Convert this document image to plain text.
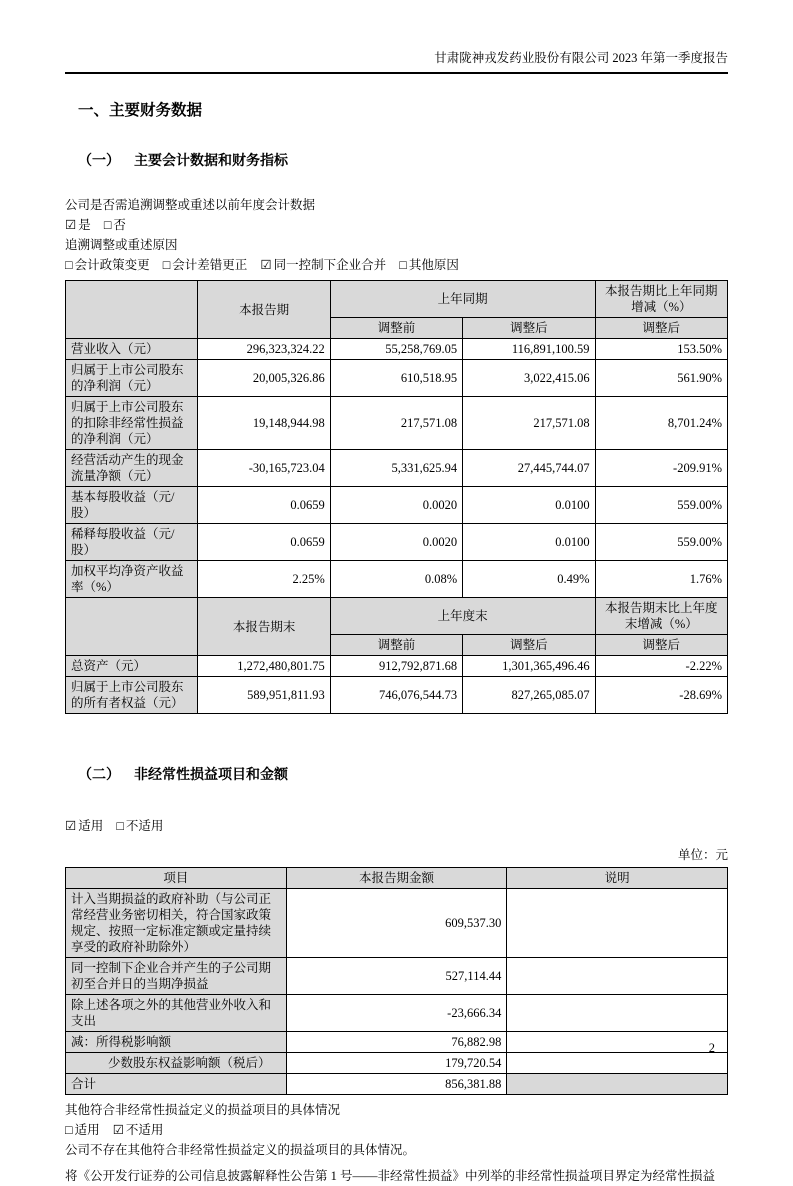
甘肃陇神戎发药业股份有限公司 2023 年第一季度报告
一、主要财务数据
（一） 主要会计数据和财务指标

公司是否需追溯调整或重述以前年度会计数据

☑ 是 □ 否

追溯调整或重述原因

□ 会计政策变更 □ 会计差错更正 ☑ 同一控制下企业合并 □ 其他原因

	本报告期	上年同期		本报告期比上年同期增减（%）
		调整前	调整后	调整后
营业收入（元）	296,323,324.22	55,258,769.05	116,891,100.59	153.50%
归属于上市公司股东的净利润（元）	20,005,326.86	610,518.95	3,022,415.06	561.90%
归属于上市公司股东的扣除非经常性损益的净利润（元）	19,148,944.98	217,571.08	217,571.08	8,701.24%
经营活动产生的现金流量净额（元）	-30,165,723.04	5,331,625.94	27,445,744.07	-209.91%
基本每股收益（元/股）	0.0659	0.0020	0.0100	559.00%
稀释每股收益（元/股）	0.0659	0.0020	0.0100	559.00%
加权平均净资产收益率（%）	2.25%	0.08%	0.49%	1.76%
	本报告期末	上年度末		本报告期末比上年度末增减（%）
		调整前	调整后	调整后
总资产（元）	1,272,480,801.75	912,792,871.68	1,301,365,496.46	-2.22%
归属于上市公司股东的所有者权益（元）	589,951,811.93	746,076,544.73	827,265,085.07	-28.69%
（二） 非经常性损益项目和金额

☑ 适用 □ 不适用

单位：元
项目	本报告期金额	说明
计入当期损益的政府补助（与公司正常经营业务密切相关，符合国家政策规定、按照一定标准定额或定量持续享受的政府补助除外）	609,537.30	
同一控制下企业合并产生的子公司期初至合并日的当期净损益	527,114.44	
除上述各项之外的其他营业外收入和支出	-23,666.34	
减：所得税影响额	76,882.98	
少数股东权益影响额（税后）	179,720.54	
合计	856,381.88	

其他符合非经常性损益定义的损益项目的具体情况

□ 适用 ☑ 不适用

公司不存在其他符合非经常性损益定义的损益项目的具体情况。

将《公开发行证券的公司信息披露解释性公告第 1 号——非经常性损益》中列举的非经常性损益项目界定为经常性损益

2
